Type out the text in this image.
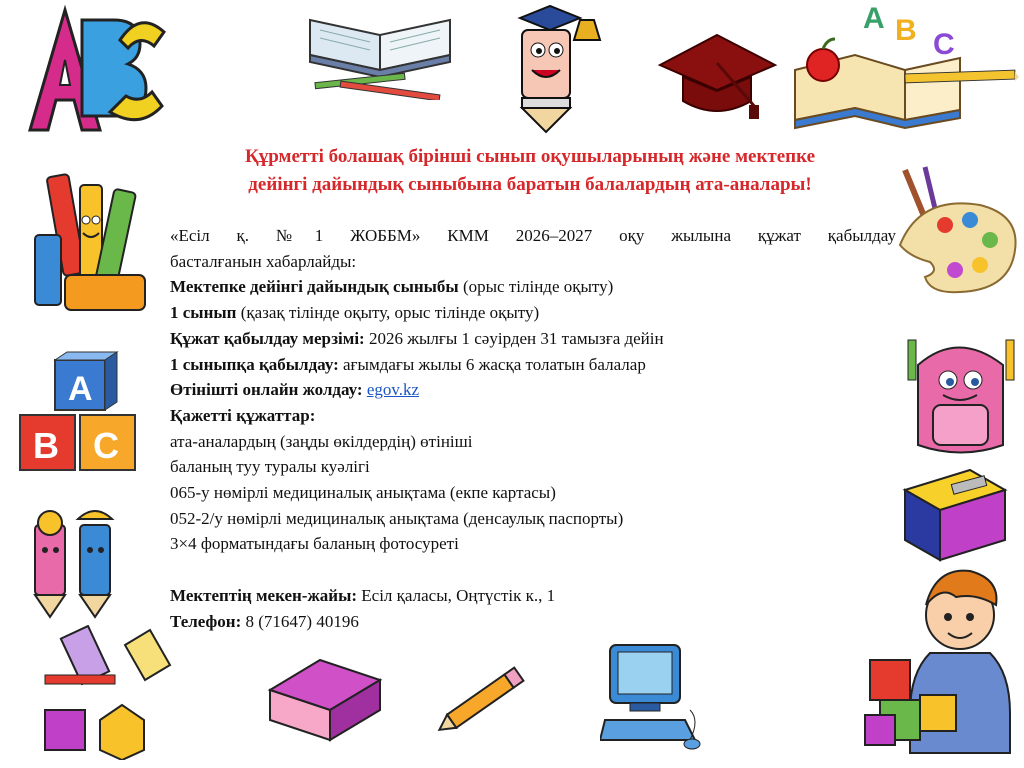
A B C
A
B C
Құрметті болашақ бірінші сынып оқушыларының және мектепке
дейінгі дайындық сыныбына баратын балалардың ата-аналары!
«Есіл қ. №1 ЖОББМ» КММ 2026–2027 оқу жылына құжат қабылдау
басталғанын хабарлайды:
Мектепке дейінгі дайындық сыныбы (орыс тілінде оқыту)
1 сынып (қазақ тілінде оқыту, орыс тілінде оқыту)
Құжат қабылдау мерзімі: 2026 жылғы 1 сәуірден 31 тамызға дейін
1 сыныпқа қабылдау: ағымдағы жылы 6 жасқа толатын балалар
Өтінішті онлайн жолдау: egov.kz
Қажетті құжаттар:
ата-аналардың (заңды өкілдердің) өтініші
баланың туу туралы куәлігі
065-у нөмірлі медициналық анықтама (екпе картасы)
052-2/у нөмірлі медициналық анықтама (денсаулық паспорты)
3×4 форматындағы баланың фотосуреті
Мектептің мекен-жайы: Есіл қаласы, Оңтүстік к., 1
Телефон: 8 (71647) 40196
